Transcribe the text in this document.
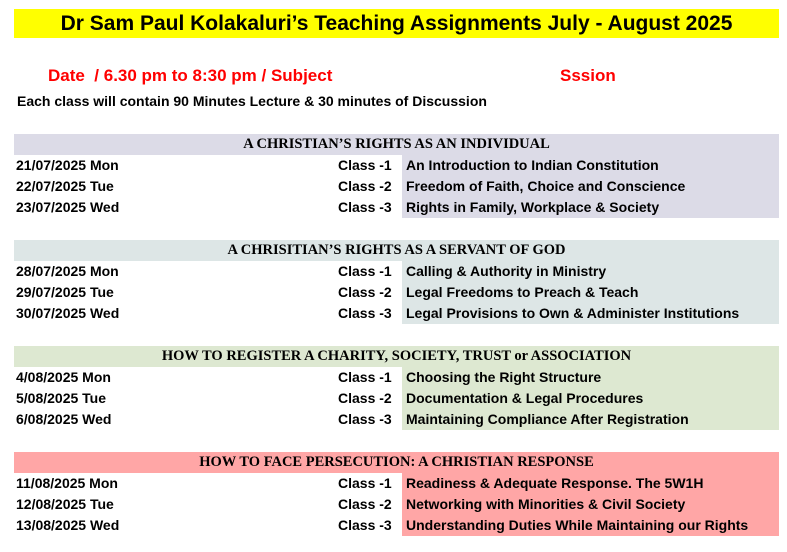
Dr Sam Paul Kolakaluri’s Teaching Assignments July - August 2025
Date  / 6.30 pm to 8:30 pm / Subject	Sssion
Each class will contain 90 Minutes Lecture & 30 minutes of Discussion
A CHRISTIAN’S RIGHTS AS AN INDIVIDUAL
21/07/2025 Mon	Class -1 An Introduction to Indian Constitution
22/07/2025 Tue	Class -2 Freedom of Faith, Choice and Conscience
23/07/2025 Wed	Class -3 Rights in Family, Workplace & Society
A CHRISITIAN’S RIGHTS AS A SERVANT OF GOD
28/07/2025 Mon	Class -1 Calling & Authority in Ministry
29/07/2025 Tue	Class -2 Legal Freedoms to Preach & Teach
30/07/2025 Wed	Class -3 Legal Provisions to Own & Administer Institutions
HOW TO REGISTER A CHARITY, SOCIETY, TRUST or ASSOCIATION
4/08/2025 Mon	Class -1 Choosing the Right Structure
5/08/2025 Tue	Class -2 Documentation & Legal Procedures
6/08/2025 Wed	Class -3 Maintaining Compliance After Registration
HOW TO FACE PERSECUTION: A CHRISTIAN RESPONSE
11/08/2025 Mon	Class -1 Readiness & Adequate Response. The 5W1H
12/08/2025 Tue	Class -2 Networking with Minorities & Civil Society
13/08/2025 Wed	Class -3 Understanding Duties While Maintaining our Rights
